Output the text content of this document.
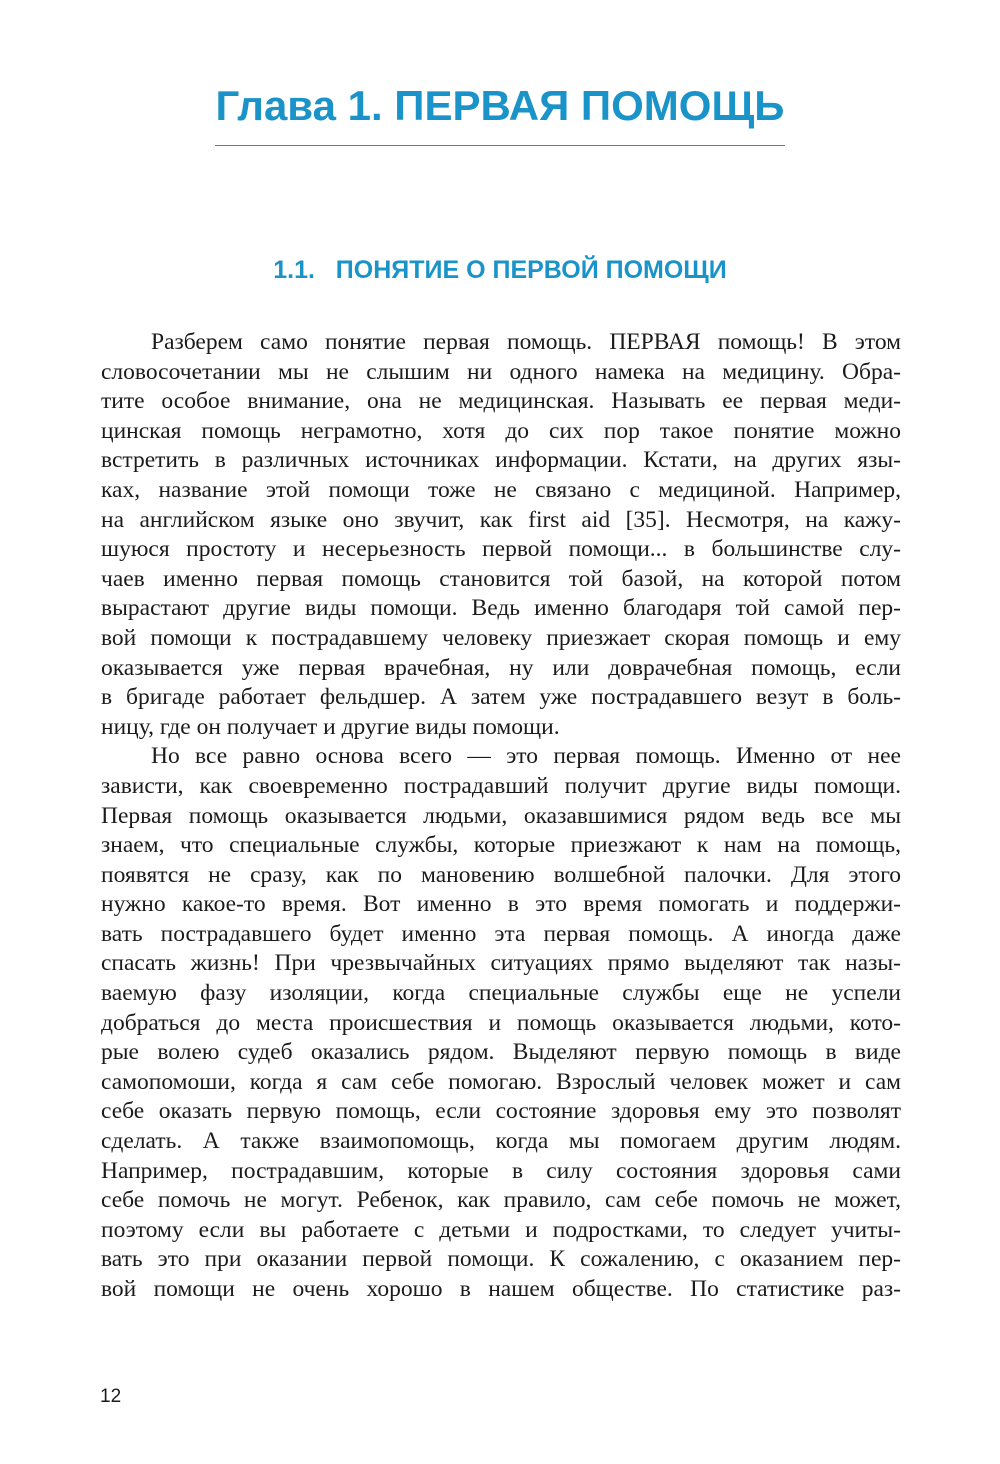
Глава 1. ПЕРВАЯ ПОМОЩЬ
1.1.   ПОНЯТИЕ О ПЕРВОЙ ПОМОЩИ

Разберем само понятие первая помощь. ПЕРВАЯ помощь! В этом
словосочетании мы не слышим ни одного намека на медицину. Обра-
тите особое внимание, она не медицинская. Называть ее первая меди-
цинская помощь неграмотно, хотя до сих пор такое понятие можно
встретить в различных источниках информации. Кстати, на других язы-
ках, название этой помощи тоже не связано с медициной. Например,
на английском языке оно звучит, как first aid [35]. Несмотря, на кажу-
шуюся простоту и несерьезность первой помощи... в большинстве слу-
чаев именно первая помощь становится той базой, на которой потом
вырастают другие виды помощи. Ведь именно благодаря той самой пер-
вой помощи к пострадавшему человеку приезжает скорая помощь и ему
оказывается уже первая врачебная, ну или доврачебная помощь, если
в бригаде работает фельдшер. А затем уже пострадавшего везут в боль-
ницу, где он получает и другие виды помощи.

Но все равно основа всего — это первая помощь. Именно от нее
зависти, как своевременно пострадавший получит другие виды помощи.
Первая помощь оказывается людьми, оказавшимися рядом ведь все мы
знаем, что специальные службы, которые приезжают к нам на помощь,
появятся не сразу, как по мановению волшебной палочки. Для этого
нужно какое-то время. Вот именно в это время помогать и поддержи-
вать пострадавшего будет именно эта первая помощь. А иногда даже
спасать жизнь! При чрезвычайных ситуациях прямо выделяют так назы-
ваемую фазу изоляции, когда специальные службы еще не успели
добраться до места происшествия и помощь оказывается людьми, кото-
рые волею судеб оказались рядом. Выделяют первую помощь в виде
самопомоши, когда я сам себе помогаю. Взрослый человек может и сам
себе оказать первую помощь, если состояние здоровья ему это позволят
сделать. А также взаимопомощь, когда мы помогаем другим людям.
Например, пострадавшим, которые в силу состояния здоровья сами
себе помочь не могут. Ребенок, как правило, сам себе помочь не может,
поэтому если вы работаете с детьми и подростками, то следует учиты-
вать это при оказании первой помощи. К сожалению, с оказанием пер-
вой помощи не очень хорошо в нашем обществе. По статистике раз-

12
